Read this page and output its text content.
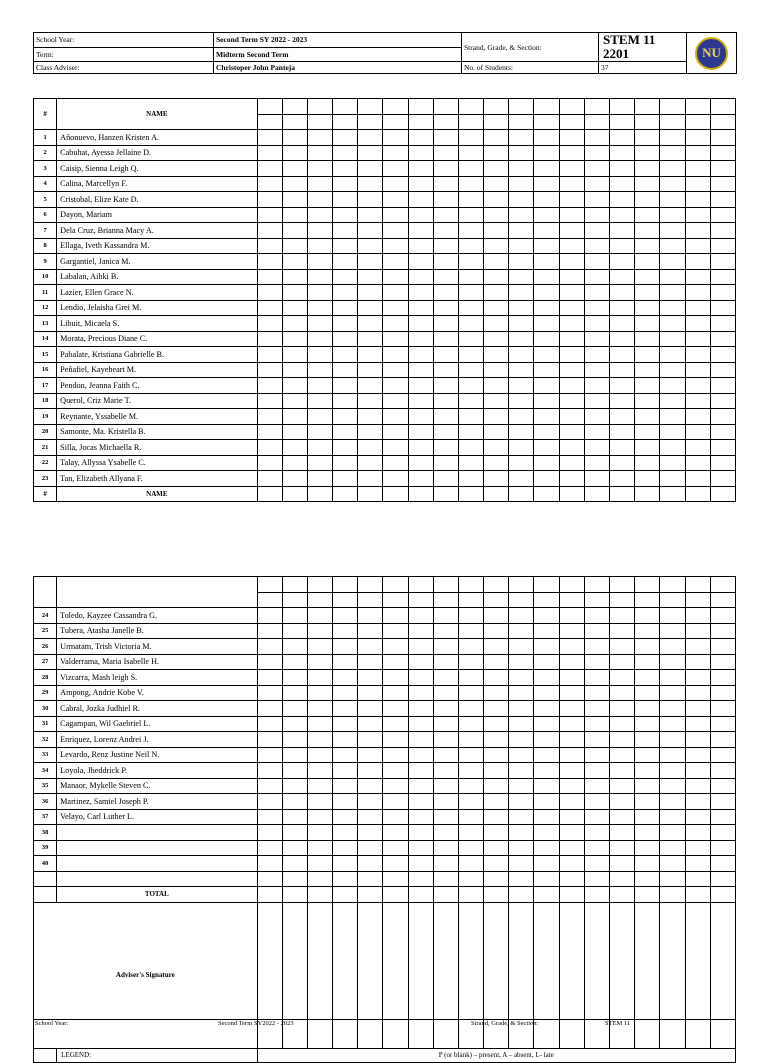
School Year:	Second Term SY 2022 - 2023	Strand, Grade, & Section:	STEM 11
2201	NU

Term:	Midterm Second Term			
Class Adviser:	Christoper John Panteja	No. of Students:	37	
#	NAME																			

1	Añonuevo, Hanzen Kristen A.																			
2	Cabuhat, Ayessa Jellaine D.																			
3	Caisip, Sienna Leigh Q.																			
4	Calina, Marcellyn F.																			
5	Cristobal, Elize Kate D.																			
6	Dayon, Mariam																			
7	Dela Cruz, Brianna Macy A.																			
8	Ellaga, Iveth Kassandra M.																			
9	Gargantiel, Janica M.																			
10	Labalan, Aihki B.																			
11	Lazier, Ellen Grace N.																			
12	Lendio, Jelaisha Grei M.																			
13	Libuit, Micaela S.																			
14	Morata, Precious Diane C.																			
15	Pabalate, Kristiana Gabrielle B.																			
16	Peñafiel, Kayeheart M.																			
17	Pendon, Jeanna Faith C.																			
18	Querol, Criz Marie T.																			
19	Reynante, Yssabelle M.																			
20	Samonte, Ma. Kristella B.																			
21	Silla, Jocas Michaella R.																			
22	Talay, Allyssa Ysabelle C.																			
23	Tan, Elizabeth Allyana F.																			
#	NAME																			

24	Toledo, Kayzee Cassandra G.																			
25	Tubera, Atasha Janelle B.																			
26	Urmatam, Trish Victoria M.																			
27	Valderrama, Maria Isabelle H.																			
28	Vizcarra, Mash leigh S.																			
29	Ampong, Andrie Kobe V.																			
30	Cabral, Jozka Judhiel R.																			
31	Cagampan, Wil Gaebriel L.																			
32	Enriquez, Lorenz Andrei J.																			
33	Levardo, Renz Justine Neil N.																			
34	Loyola, Jheddrick P.																			
35	Manaor, Mykelle Steven C.																			
36	Martinez, Samiel Joseph P.																			
37	Velayo, Carl Luther L.																			
38																				
39																				
40																				

	TOTAL																			
Adviser's Signature																				
	LEGEND:	P (or blank) – present, A – absent, L- late																		
School Year:	Second Term SY2022 - 2023	Strand, Grade, & Section:	STEM 11
